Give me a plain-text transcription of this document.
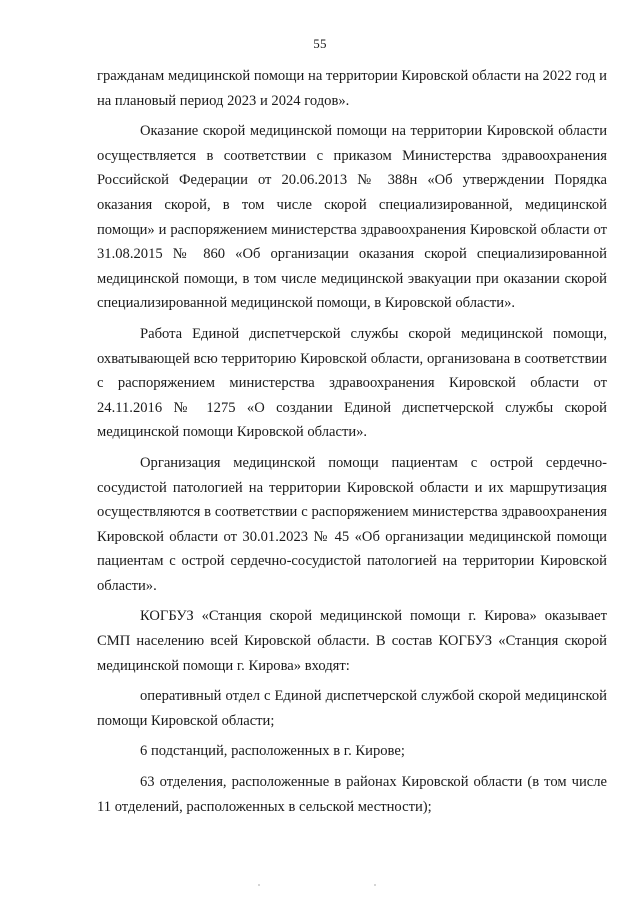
55

гражданам медицинской помощи на территории Кировской области на 2022 год и на плановый период 2023 и 2024 годов».

Оказание скорой медицинской помощи на территории Кировской области осуществляется в соответствии с приказом Министерства здравоохранения Российской Федерации от 20.06.2013 № 388н «Об утверждении Порядка оказания скорой, в том числе скорой специализированной, медицинской помощи» и распоряжением министерства здравоохранения Кировской области от 31.08.2015 № 860 «Об организации оказания скорой специализированной медицинской помощи, в том числе медицинской эвакуации при оказании скорой специализированной медицинской помощи, в Кировской области».

Работа Единой диспетчерской службы скорой медицинской помощи, охватывающей всю территорию Кировской области, организована в соответствии с распоряжением министерства здравоохранения Кировской области от 24.11.2016 № 1275 «О создании Единой диспетчерской службы скорой медицинской помощи Кировской области».

Организация медицинской помощи пациентам с острой сердечно-сосудистой патологией на территории Кировской области и их маршрутизация осуществляются в соответствии с распоряжением министерства здравоохранения Кировской области от 30.01.2023 № 45 «Об организации медицинской помощи пациентам с острой сердечно-сосудистой патологией на территории Кировской области».

КОГБУЗ «Станция скорой медицинской помощи г. Кирова» оказывает СМП населению всей Кировской области. В состав КОГБУЗ «Станция скорой медицинской помощи г. Кирова» входят:

оперативный отдел с Единой диспетчерской службой скорой медицинской помощи Кировской области;

6 подстанций, расположенных в г. Кирове;

63 отделения, расположенные в районах Кировской области (в том числе 11 отделений, расположенных в сельской местности);
